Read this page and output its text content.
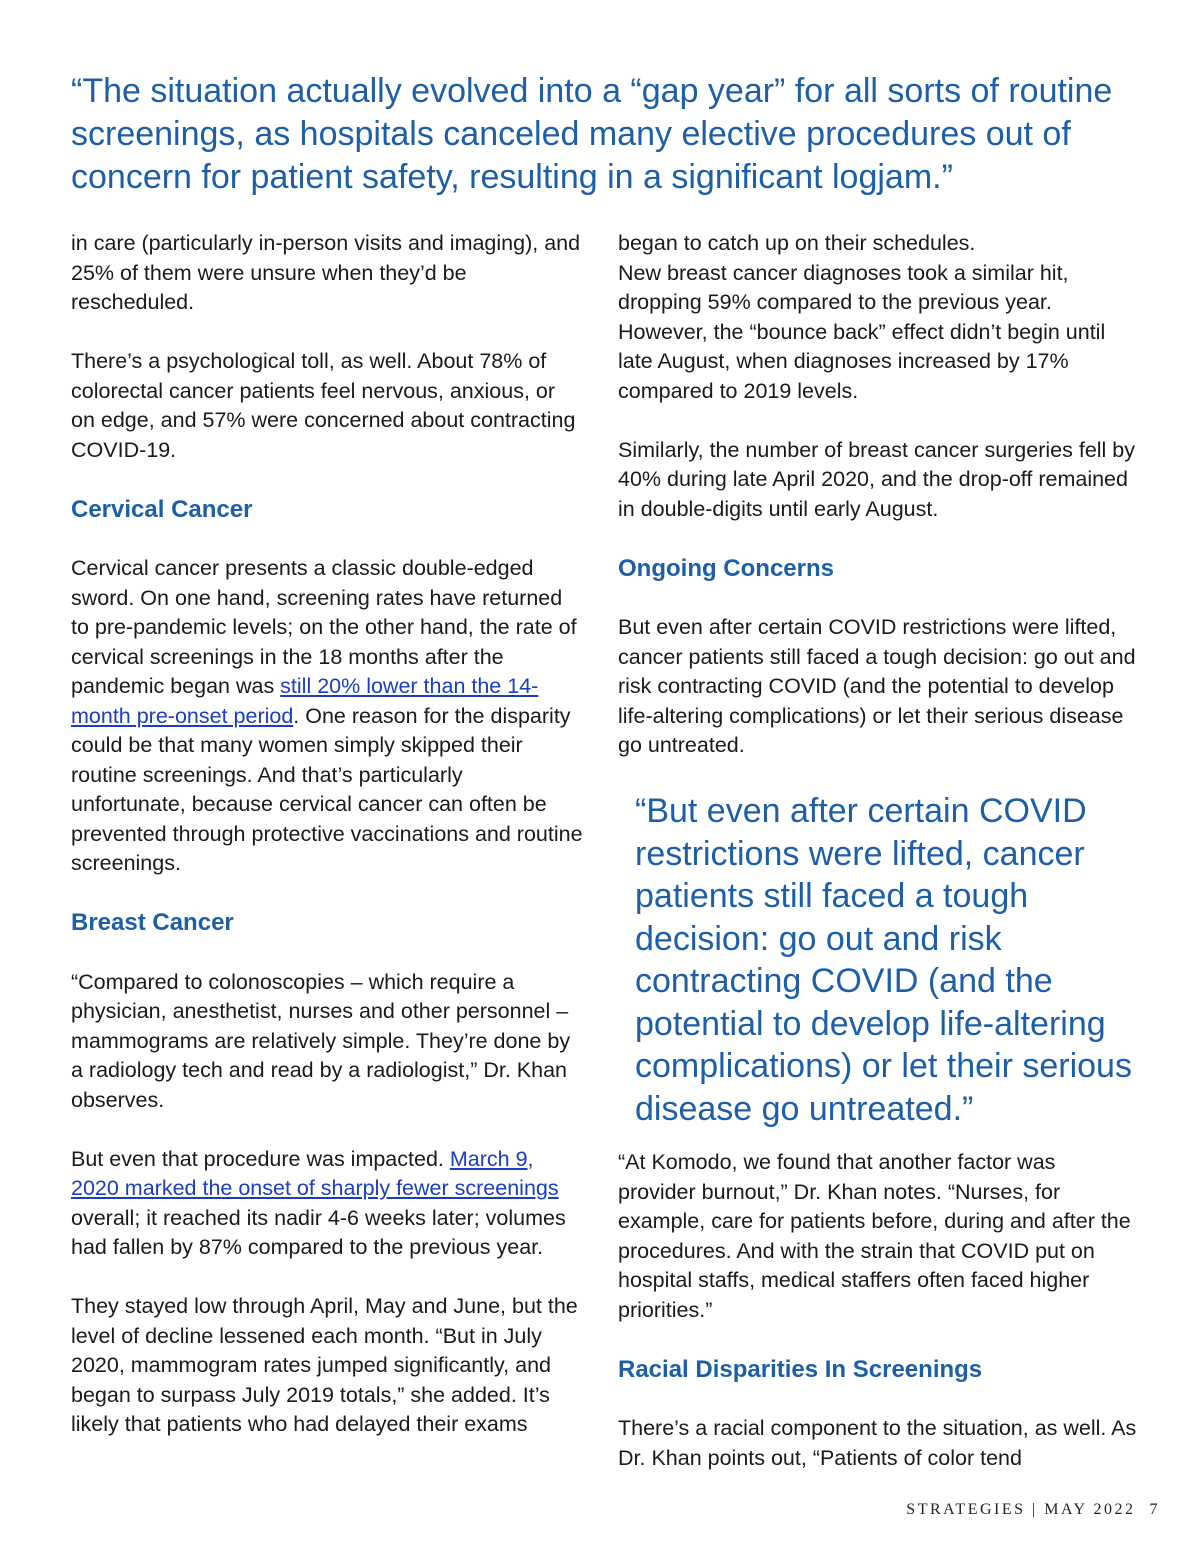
“The situation actually evolved into a “gap year” for all sorts of routine screenings, as hospitals canceled many elective procedures out of concern for patient safety, resulting in a significant logjam.”

in care (particularly in-person visits and imaging), and 25% of them were unsure when they’d be rescheduled.

There’s a psychological toll, as well. About 78% of colorectal cancer patients feel nervous, anxious, or on edge, and 57% were concerned about contracting COVID-19.

Cervical Cancer

Cervical cancer presents a classic double-edged sword. On one hand, screening rates have returned to pre-pandemic levels; on the other hand, the rate of cervical screenings in the 18 months after the pandemic began was still 20% lower than the 14-month pre-onset period. One reason for the disparity could be that many women simply skipped their routine screenings. And that’s particularly unfortunate, because cervical cancer can often be prevented through protective vaccinations and routine screenings.

Breast Cancer

“Compared to colonoscopies – which require a physician, anesthetist, nurses and other personnel – mammograms are relatively simple. They’re done by a radiology tech and read by a radiologist,” Dr. Khan observes.

But even that procedure was impacted. March 9, 2020 marked the onset of sharply fewer screenings overall; it reached its nadir 4-6 weeks later; volumes had fallen by 87% compared to the previous year.

They stayed low through April, May and June, but the level of decline lessened each month. “But in July 2020, mammogram rates jumped significantly, and began to surpass July 2019 totals,” she added. It’s likely that patients who had delayed their exams

began to catch up on their schedules.

New breast cancer diagnoses took a similar hit, dropping 59% compared to the previous year. However, the “bounce back” effect didn’t begin until late August, when diagnoses increased by 17% compared to 2019 levels.

Similarly, the number of breast cancer surgeries fell by 40% during late April 2020, and the drop-off remained in double-digits until early August.

Ongoing Concerns

But even after certain COVID restrictions were lifted, cancer patients still faced a tough decision: go out and risk contracting COVID (and the potential to develop life-altering complications) or let their serious disease go untreated.

“But even after certain COVID restrictions were lifted, cancer patients still faced a tough decision: go out and risk contracting COVID (and the potential to develop life-altering complications) or let their serious disease go untreated.”

“At Komodo, we found that another factor was provider burnout,” Dr. Khan notes. “Nurses, for example, care for patients before, during and after the procedures. And with the strain that COVID put on hospital staffs, medical staffers often faced higher priorities.”

Racial Disparities In Screenings

There’s a racial component to the situation, as well. As Dr. Khan points out, “Patients of color tend

STRATEGIES | MAY 2022 7
